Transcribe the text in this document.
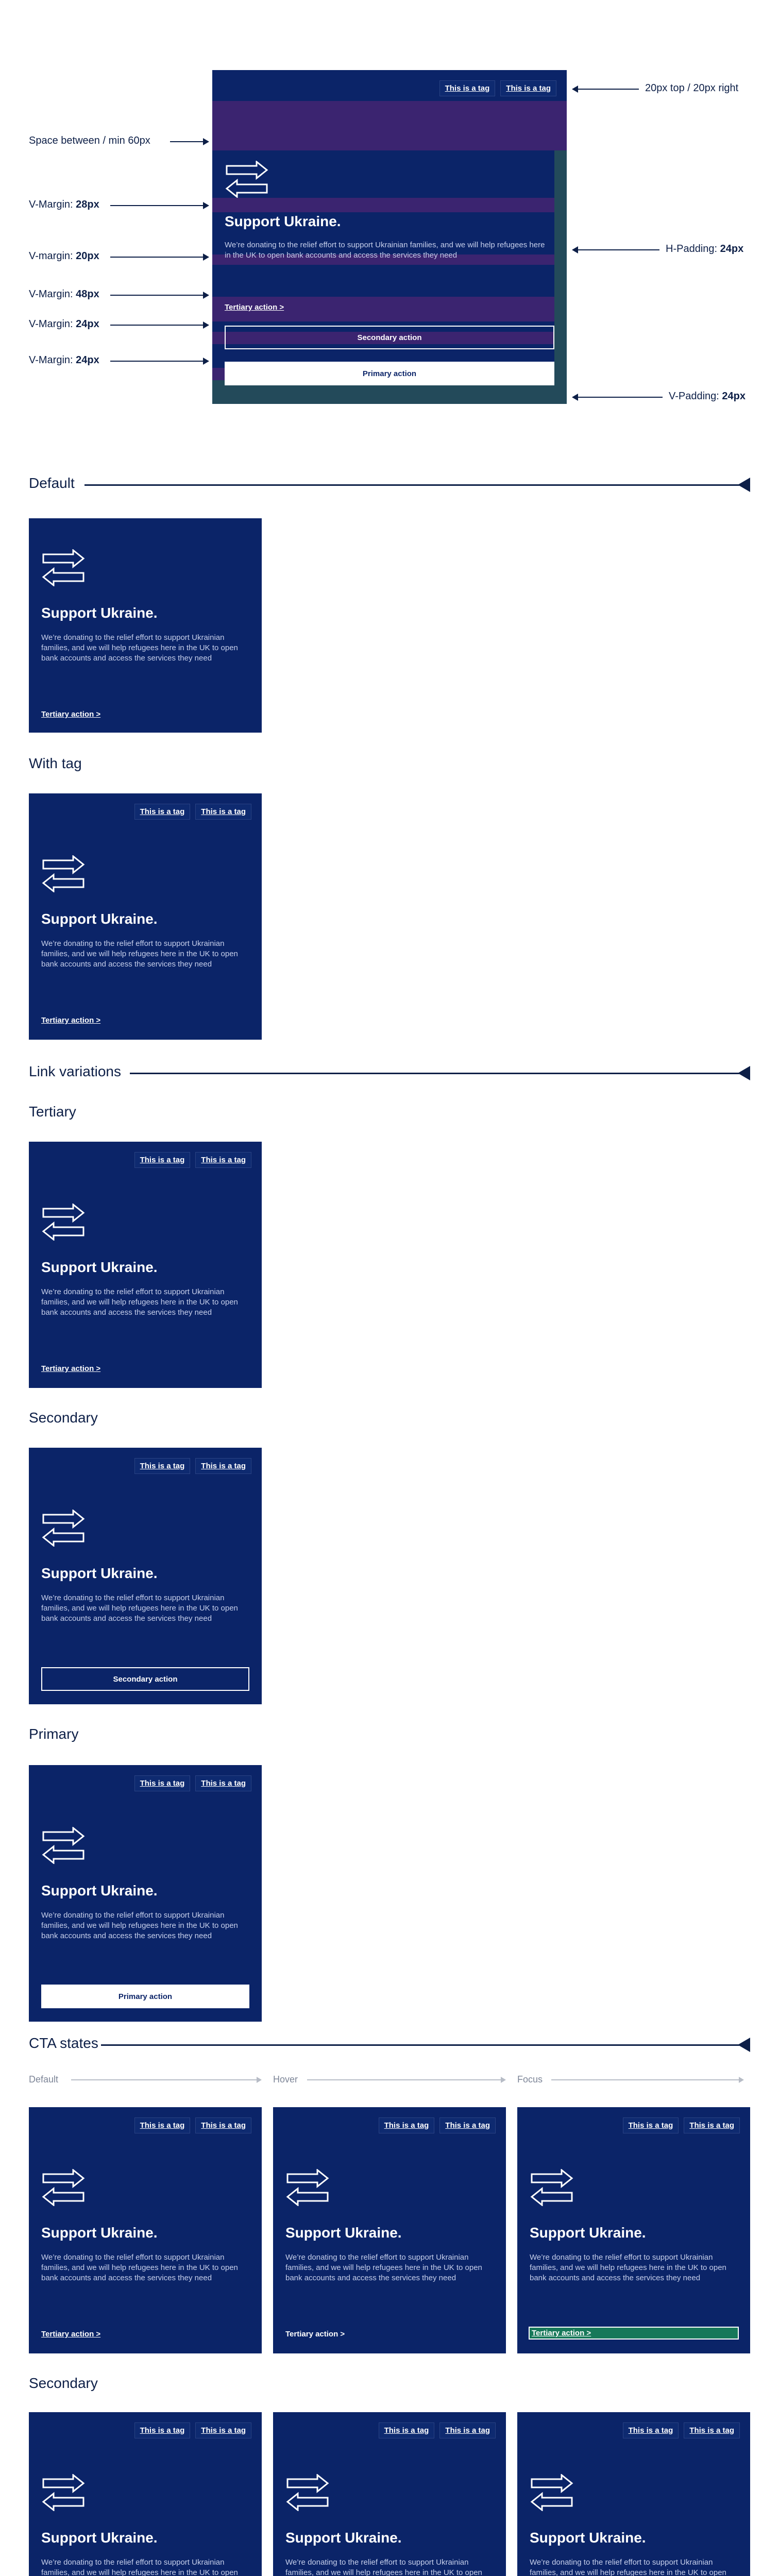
This is a tag	This is a tag
Support Ukraine.
We’re donating to the relief effort to support Ukrainian families, and we will help refugees here in the UK to open bank accounts and access the services they need
Tertiary action >
Secondary action
Primary action
20px top / 20px right
Space between / min 60px
V-Margin: 28px
V-margin: 20px
V-Margin: 48px
V-Margin: 24px
V-Margin: 24px
H-Padding: 24px
V-Padding: 24px
Default
Support Ukraine.
We’re donating to the relief effort to support Ukrainian families, and we will help refugees here in the UK to open bank accounts and access the services they need
Tertiary action >
With tag
This is a tag	This is a tag
Support Ukraine.
We’re donating to the relief effort to support Ukrainian families, and we will help refugees here in the UK to open bank accounts and access the services they need
Tertiary action >
Link variations
Tertiary
This is a tag	This is a tag
Support Ukraine.
We’re donating to the relief effort to support Ukrainian families, and we will help refugees here in the UK to open bank accounts and access the services they need
Tertiary action >
Secondary
This is a tag	This is a tag
Support Ukraine.
We’re donating to the relief effort to support Ukrainian families, and we will help refugees here in the UK to open bank accounts and access the services they need
Secondary action
Primary
This is a tag	This is a tag
Support Ukraine.
We’re donating to the relief effort to support Ukrainian families, and we will help refugees here in the UK to open bank accounts and access the services they need
Primary action
CTA states
Default	Hover	Focus
This is a tag	This is a tag
Support Ukraine.
We’re donating to the relief effort to support Ukrainian families, and we will help refugees here in the UK to open bank accounts and access the services they need
Tertiary action >
This is a tag	This is a tag
Support Ukraine.
We’re donating to the relief effort to support Ukrainian families, and we will help refugees here in the UK to open bank accounts and access the services they need
Tertiary action >
This is a tag	This is a tag
Support Ukraine.
We’re donating to the relief effort to support Ukrainian families, and we will help refugees here in the UK to open bank accounts and access the services they need
Tertiary action >
Secondary
This is a tag	This is a tag
Support Ukraine.
We’re donating to the relief effort to support Ukrainian families, and we will help refugees here in the UK to open
This is a tag	This is a tag
Support Ukraine.
We’re donating to the relief effort to support Ukrainian families, and we will help refugees here in the UK to open
This is a tag	This is a tag
Support Ukraine.
We’re donating to the relief effort to support Ukrainian families, and we will help refugees here in the UK to open
